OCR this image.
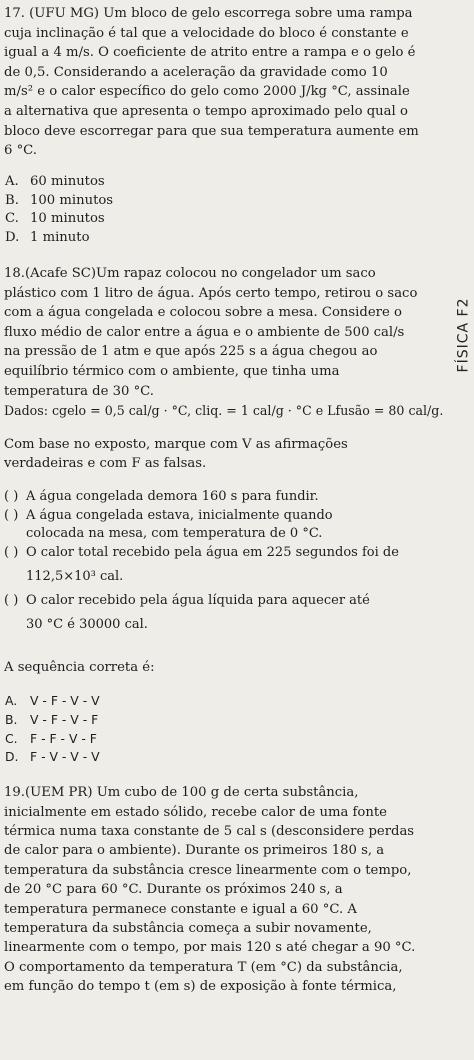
FÍSICA F2

17. (UFU MG) Um bloco de gelo escorrega sobre uma rampa

cuja inclinação é tal que a velocidade do bloco é constante e

igual a 4 m/s. O coeficiente de atrito entre a rampa e o gelo é

de 0,5. Considerando a aceleração da gravidade como 10

m/s² e o calor específico do gelo como 2000 J/kg °C, assinale

a alternativa que apresenta o tempo aproximado pelo qual o

bloco deve escorregar para que sua temperatura aumente em

6 °C.

A. 60 minutos
B. 100 minutos
C. 10 minutos
D. 1 minuto

18.(Acafe SC)Um rapaz colocou no congelador um saco

plástico com 1 litro de água. Após certo tempo, retirou o saco

com a água congelada e colocou sobre a mesa. Considere o

fluxo médio de calor entre a água e o ambiente de 500 cal/s

na pressão de 1 atm e que após 225 s a água chegou ao

equilíbrio térmico com o ambiente, que tinha uma

temperatura de 30 °C.

Dados: cgelo = 0,5 cal/g · °C, cliq. = 1 cal/g · °C e Lfusão = 80 cal/g.

Com base no exposto, marque com V as afirmações

verdadeiras e com F as falsas.

( ) A água congelada demora 160 s para fundir.
( ) A água congelada estava, inicialmente quando
colocada na mesa, com temperatura de 0 °C.
( ) O calor total recebido pela água em 225 segundos foi de
112,5×10³ cal.
( ) O calor recebido pela água líquida para aquecer até
30 °C é 30000 cal.

A sequência correta é:

A.	V - F - V - V
B.	V - F - V - F
C.	F - F - V - F
D. F - V - V - V

19.(UEM PR) Um cubo de 100 g de certa substância,

inicialmente em estado sólido, recebe calor de uma fonte

térmica numa taxa constante de 5 cal s (desconsidere perdas

de calor para o ambiente). Durante os primeiros 180 s, a

temperatura da substância cresce linearmente com o tempo,

de 20 °C para 60 °C. Durante os próximos 240 s, a

temperatura permanece constante e igual a 60 °C. A

temperatura da substância começa a subir novamente,

linearmente com o tempo, por mais 120 s até chegar a 90 °C.

O comportamento da temperatura T (em °C) da substância,

em função do tempo t (em s) de exposição à fonte térmica,
